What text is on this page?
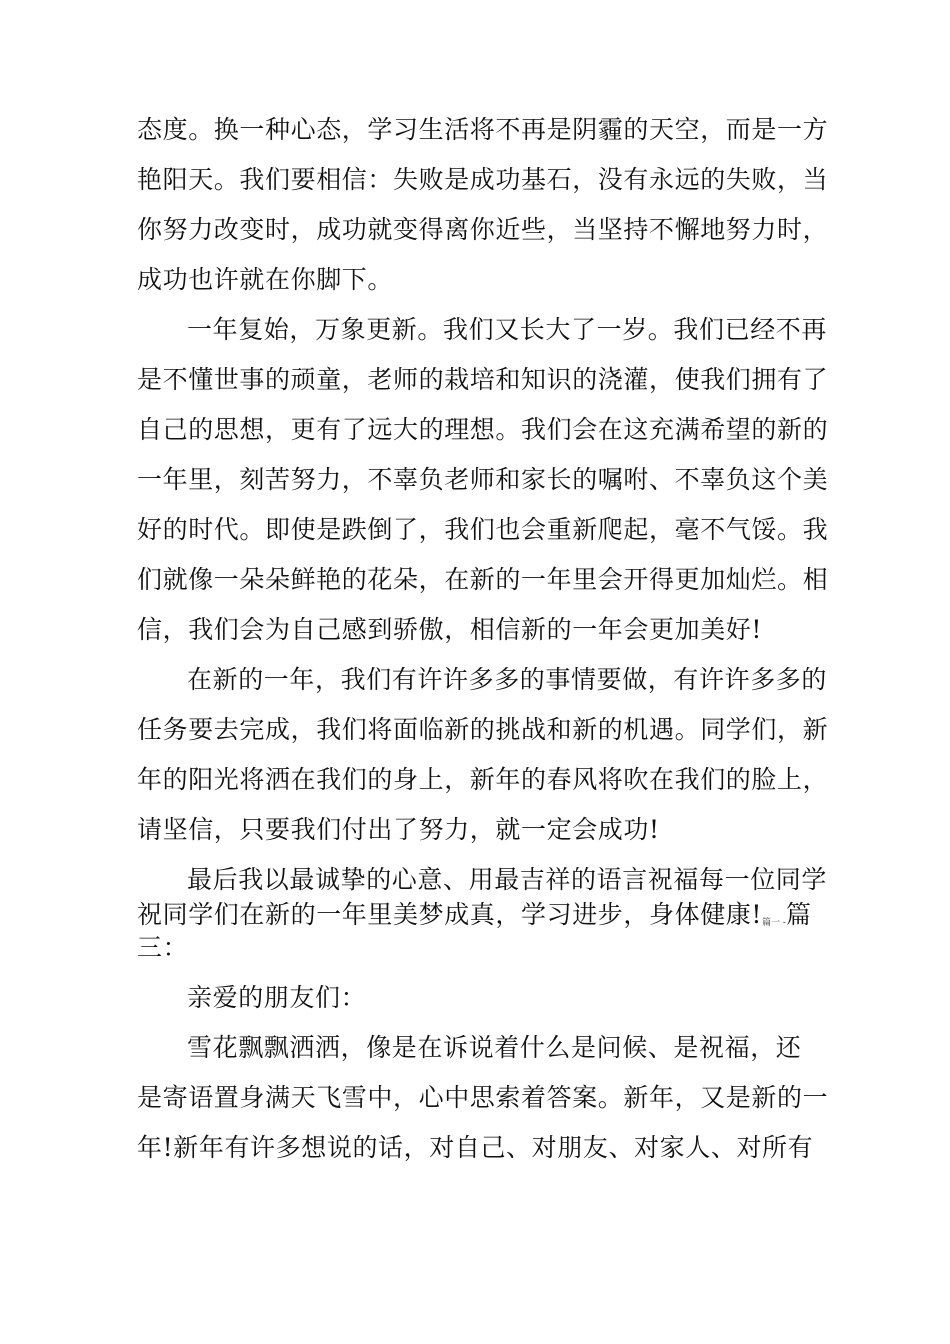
态度。换一种心态，学习生活将不再是阴霾的天空，而是一方
艳阳天。我们要相信：失败是成功基石，没有永远的失败，当
你努力改变时，成功就变得离你近些，当坚持不懈地努力时，
成功也许就在你脚下。
一年复始，万象更新。我们又长大了一岁。我们已经不再
是不懂世事的顽童，老师的栽培和知识的浇灌，使我们拥有了
自己的思想，更有了远大的理想。我们会在这充满希望的新的
一年里，刻苦努力，不辜负老师和家长的嘱咐、不辜负这个美
好的时代。即使是跌倒了，我们也会重新爬起，毫不气馁。我
们就像一朵朵鲜艳的花朵，在新的一年里会开得更加灿烂。相
信，我们会为自己感到骄傲，相信新的一年会更加美好!
在新的一年，我们有许许多多的事情要做，有许许多多的
任务要去完成，我们将面临新的挑战和新的机遇。同学们，新
年的阳光将洒在我们的身上，新年的春风将吹在我们的脸上，
请坚信，只要我们付出了努力，就一定会成功!
最后我以最诚挚的心意、用最吉祥的语言祝福每一位同学
祝同学们在新的一年里美梦成真，学习进步，身体健康!篇一 -篇
三：
亲爱的朋友们：
雪花飘飘洒洒，像是在诉说着什么是问候、是祝福，还
是寄语置身满天飞雪中，心中思索着答案。新年，又是新的一
年!新年有许多想说的话，对自己、对朋友、对家人、对所有
